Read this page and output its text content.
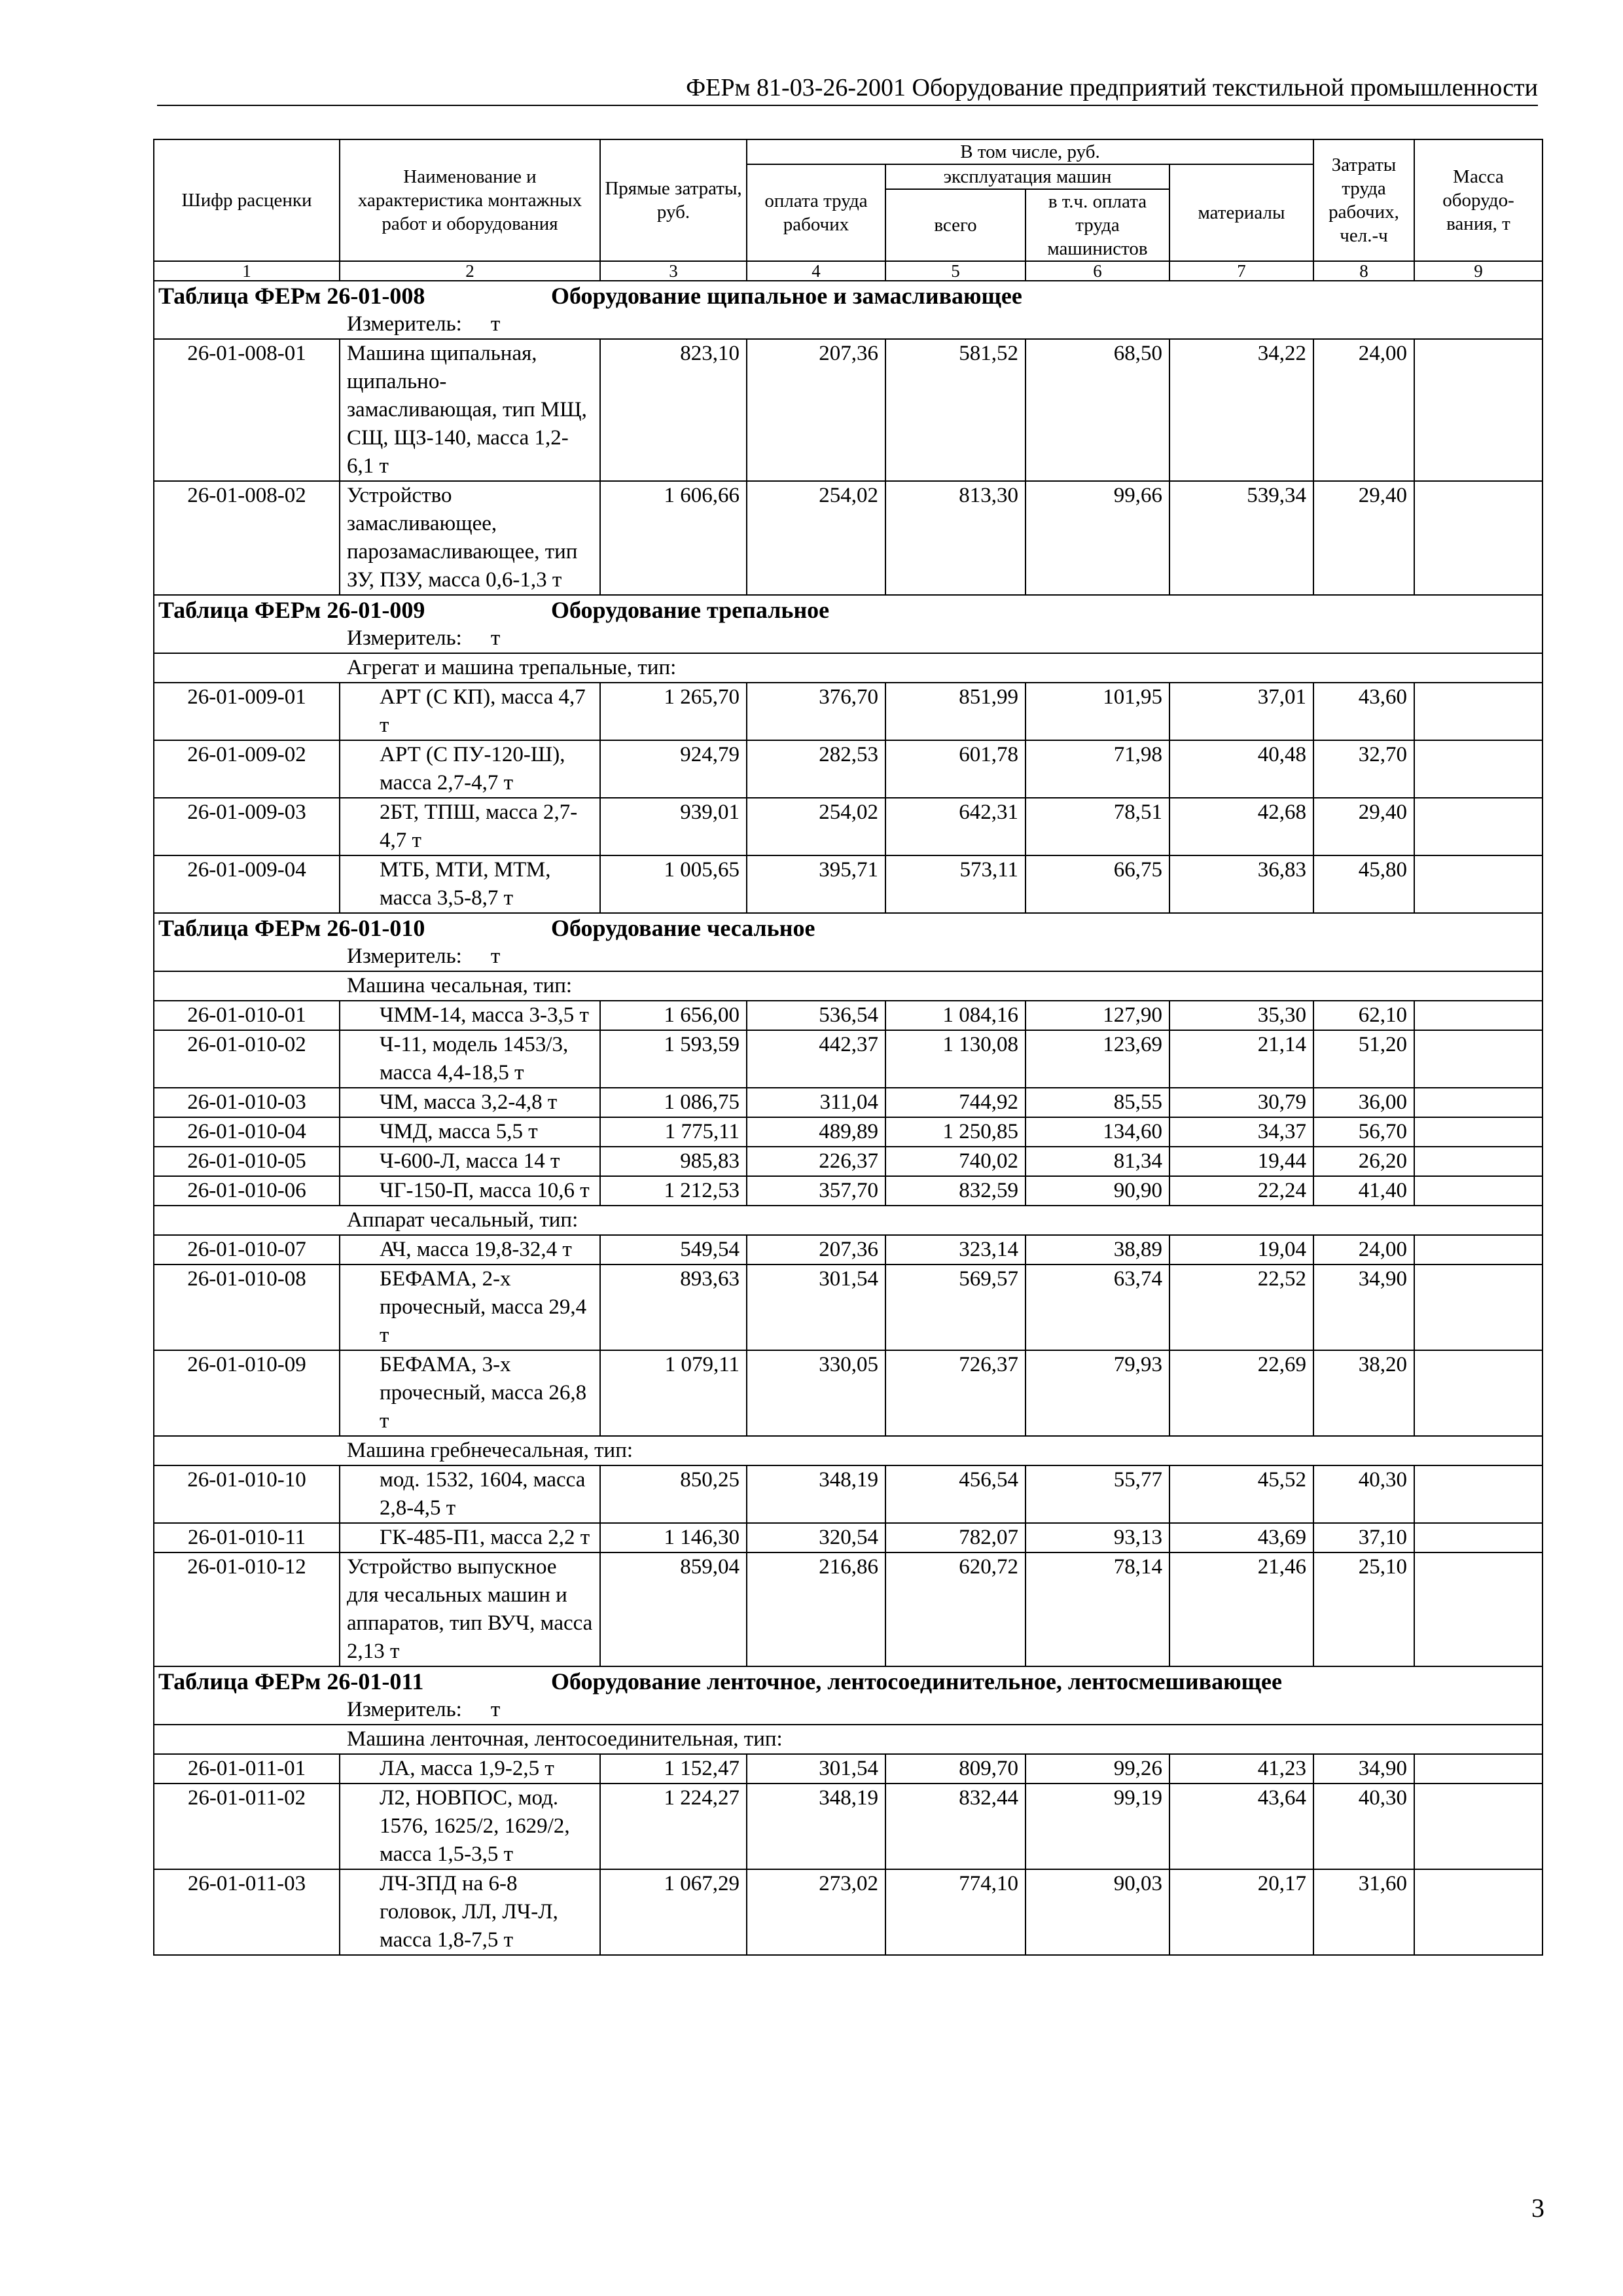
ФЕРм 81-03-26-2001 Оборудование предприятий текстильной промышленности
Шифр расценки	Наименование и характеристика монтажных работ и оборудования	Прямые затраты, руб.	В том числе, руб.				Затраты труда рабочих, чел.-ч	Масса оборудо-вания, т
			оплата труда рабочих	эксплуатация машин		материалы		
				всего	в т.ч. оплата труда машинистов			
1	2	3	4	5	6	7	8	9
Таблица ФЕРм 26-01-008 Оборудование щипальное и замасливающее								
Измеритель: т								
26-01-008-01	Машина щипальная, щипально-замасливающая, тип МЩ, СЩ, ЩЗ-140, масса 1,2-6,1 т	823,10	207,36	581,52	68,50	34,22	24,00	
26-01-008-02	Устройство замасливающее, парозамасливающее, тип ЗУ, ПЗУ, масса 0,6-1,3 т	1 606,66	254,02	813,30	99,66	539,34	29,40	
Таблица ФЕРм 26-01-009 Оборудование трепальное								
Измеритель: т								
Агрегат и машина трепальные, тип:								
26-01-009-01	АРТ (С КП), масса 4,7 т	1 265,70	376,70	851,99	101,95	37,01	43,60	
26-01-009-02	АРТ (С ПУ-120-Ш), масса 2,7-4,7 т	924,79	282,53	601,78	71,98	40,48	32,70	
26-01-009-03	2БТ, ТПШ, масса 2,7-4,7 т	939,01	254,02	642,31	78,51	42,68	29,40	
26-01-009-04	МТБ, МТИ, МТМ, масса 3,5-8,7 т	1 005,65	395,71	573,11	66,75	36,83	45,80	
Таблица ФЕРм 26-01-010 Оборудование чесальное								
Измеритель: т								
Машина чесальная, тип:								
26-01-010-01	ЧММ-14, масса 3-3,5 т	1 656,00	536,54	1 084,16	127,90	35,30	62,10	
26-01-010-02	Ч-11, модель 1453/3, масса 4,4-18,5 т	1 593,59	442,37	1 130,08	123,69	21,14	51,20	
26-01-010-03	ЧМ, масса 3,2-4,8 т	1 086,75	311,04	744,92	85,55	30,79	36,00	
26-01-010-04	ЧМД, масса 5,5 т	1 775,11	489,89	1 250,85	134,60	34,37	56,70	
26-01-010-05	Ч-600-Л, масса 14 т	985,83	226,37	740,02	81,34	19,44	26,20	
26-01-010-06	ЧГ-150-П, масса 10,6 т	1 212,53	357,70	832,59	90,90	22,24	41,40	
Аппарат чесальный, тип:								
26-01-010-07	АЧ, масса 19,8-32,4 т	549,54	207,36	323,14	38,89	19,04	24,00	
26-01-010-08	БЕФАМА, 2-х прочесный, масса 29,4 т	893,63	301,54	569,57	63,74	22,52	34,90	
26-01-010-09	БЕФАМА, 3-х прочесный, масса 26,8 т	1 079,11	330,05	726,37	79,93	22,69	38,20	
Машина гребнечесальная, тип:								
26-01-010-10	мод. 1532, 1604, масса 2,8-4,5 т	850,25	348,19	456,54	55,77	45,52	40,30	
26-01-010-11	ГК-485-П1, масса 2,2 т	1 146,30	320,54	782,07	93,13	43,69	37,10	
26-01-010-12	Устройство выпускное для чесальных машин и аппаратов, тип ВУЧ, масса 2,13 т	859,04	216,86	620,72	78,14	21,46	25,10	
Таблица ФЕРм 26-01-011 Оборудование ленточное, лентосоединительное, лентосмешивающее								
Измеритель: т								
Машина ленточная, лентосоединительная, тип:								
26-01-011-01	ЛА, масса 1,9-2,5 т	1 152,47	301,54	809,70	99,26	41,23	34,90	
26-01-011-02	Л2, НОВПОС, мод. 1576, 1625/2, 1629/2, масса 1,5-3,5 т	1 224,27	348,19	832,44	99,19	43,64	40,30	
26-01-011-03	ЛЧ-ЗПД на 6-8 головок, ЛЛ, ЛЧ-Л, масса 1,8-7,5 т	1 067,29	273,02	774,10	90,03	20,17	31,60	
3
